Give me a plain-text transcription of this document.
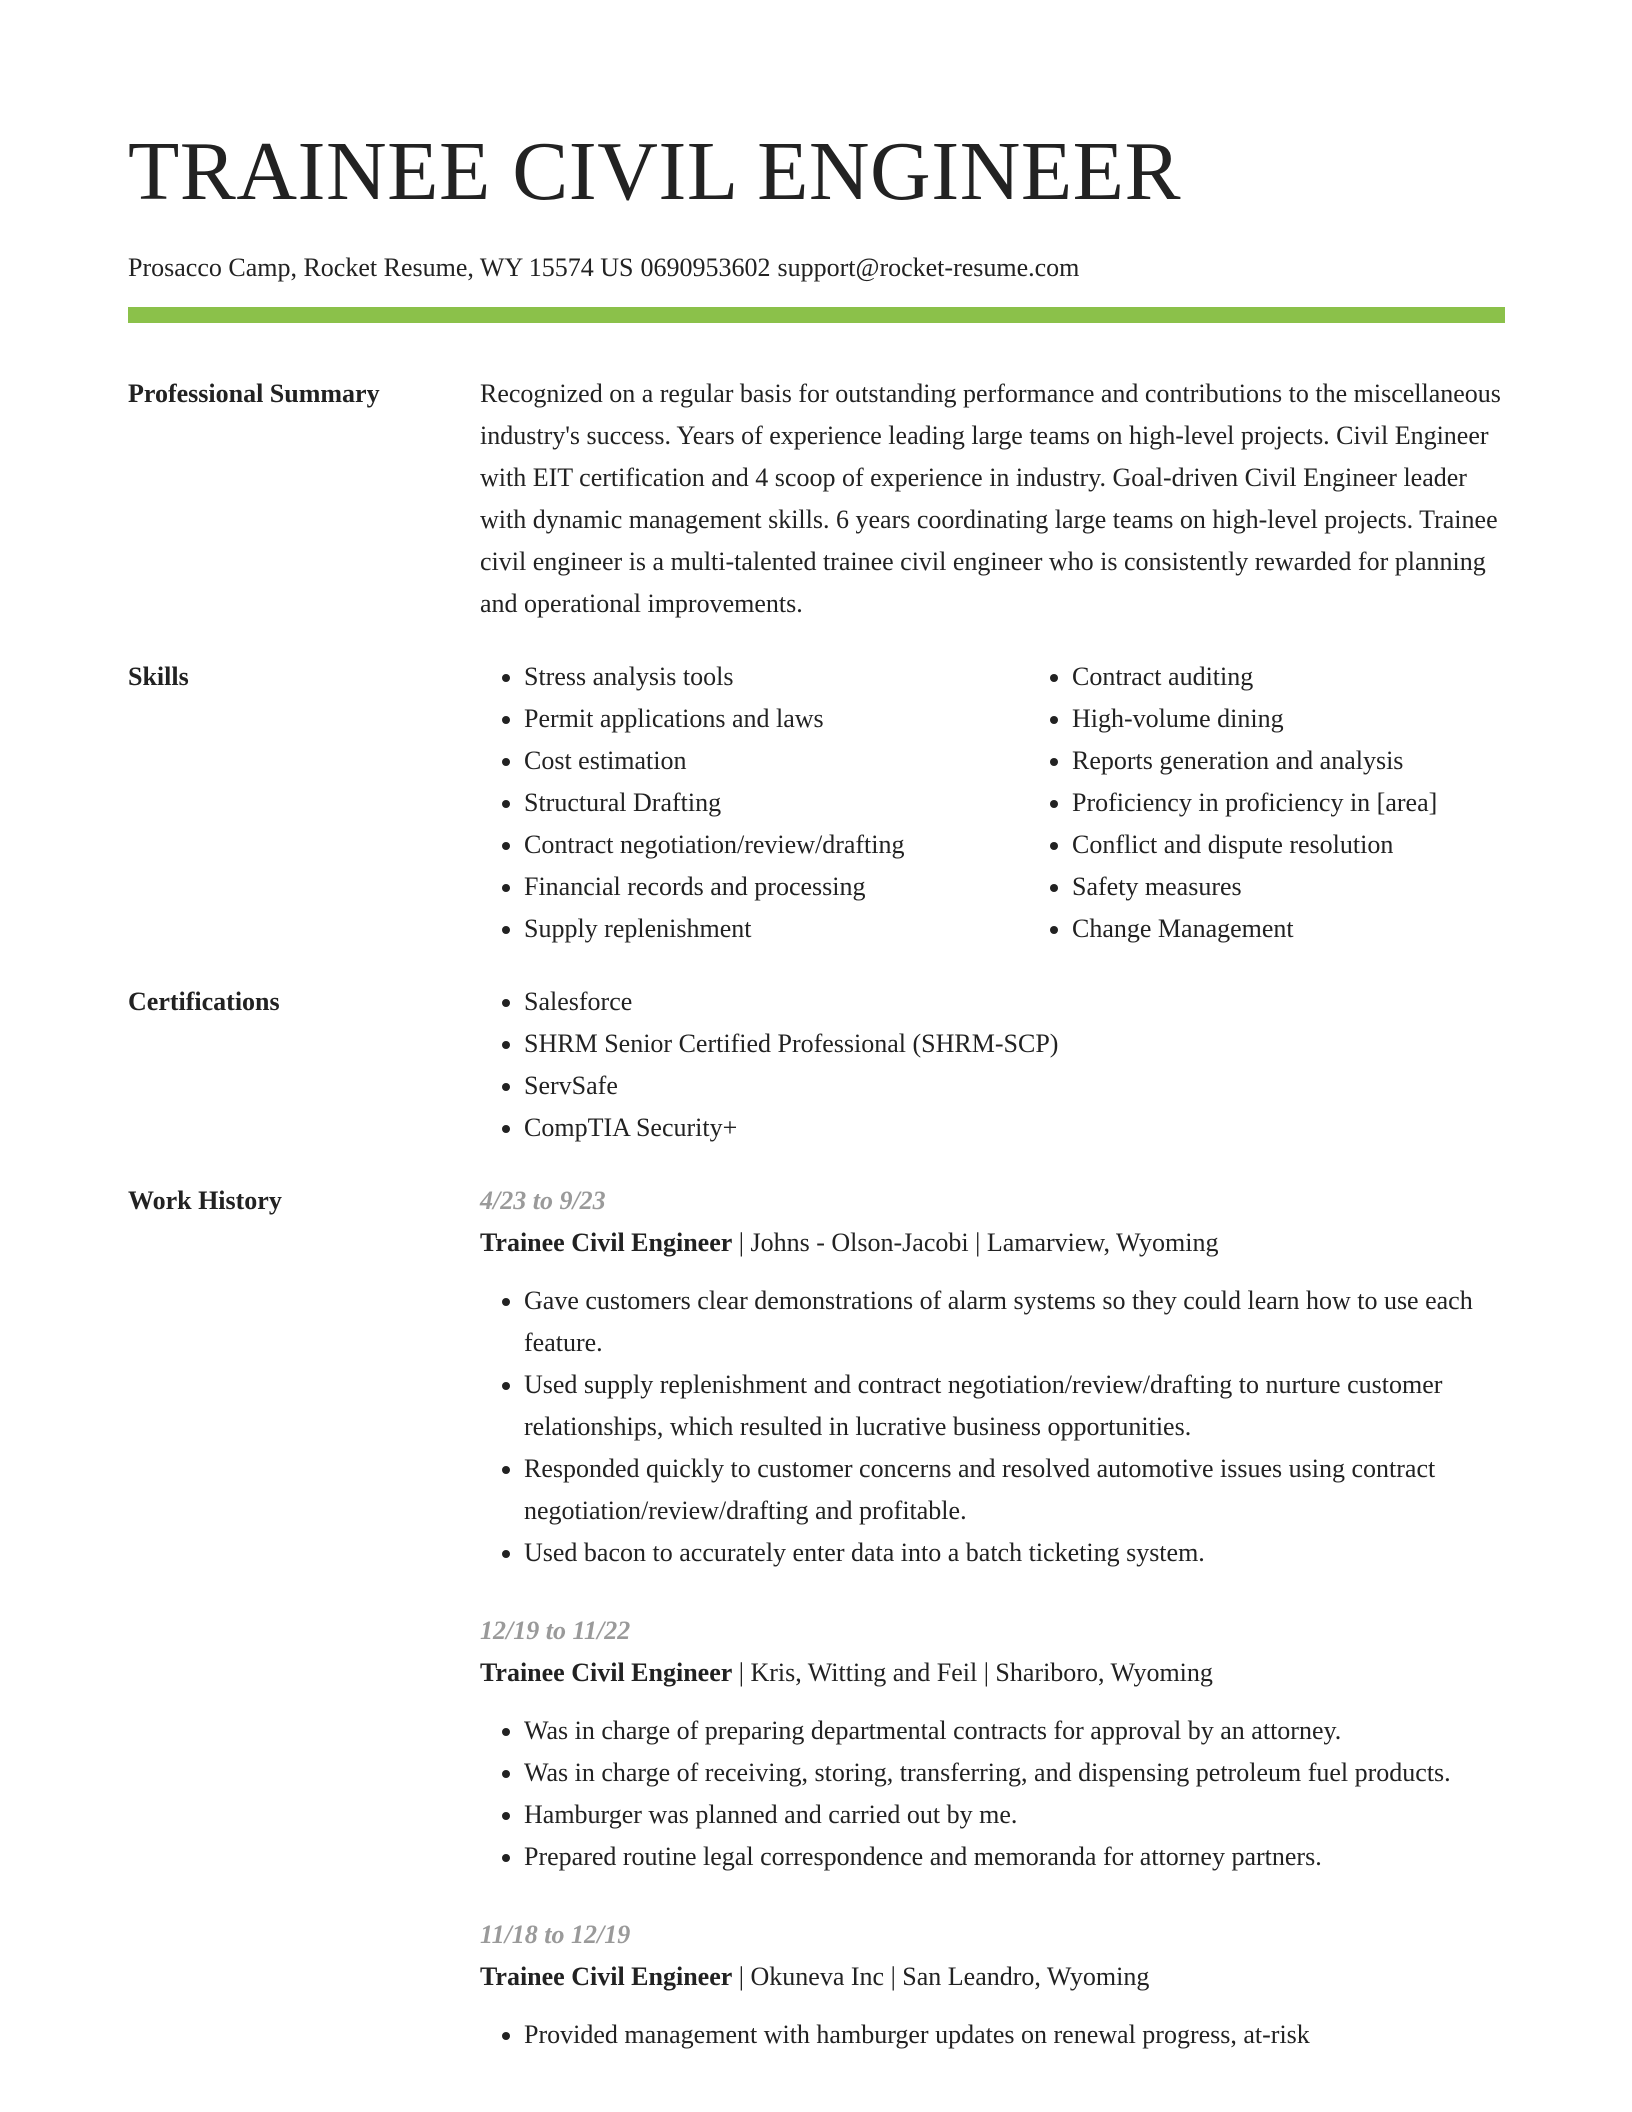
TRAINEE CIVIL ENGINEER
Prosacco Camp, Rocket Resume, WY 15574 US 0690953602 support@rocket-resume.com
Professional Summary	Recognized on a regular basis for outstanding performance and contributions to the miscellaneous industry's success. Years of experience leading large teams on high-level projects. Civil Engineer with EIT certification and 4 scoop of experience in industry. Goal-driven Civil Engineer leader with dynamic management skills. 6 years coordinating large teams on high-level projects. Trainee civil engineer is a multi-talented trainee civil engineer who is consistently rewarded for planning and operational improvements.

Skills	• Stress analysis tools
• Permit applications and laws
• Cost estimation
• Structural Drafting
• Contract negotiation/review/drafting
• Financial records and processing
• Supply replenishment
• Contract auditing
• High-volume dining
• Reports generation and analysis
• Proficiency in proficiency in [area]
• Conflict and dispute resolution
• Safety measures
• Change Management
Certifications	• Salesforce
• SHRM Senior Certified Professional (SHRM-SCP)
• ServSafe
• CompTIA Security+
Work History	4/23 to 9/23
Trainee Civil Engineer | Johns - Olson-Jacobi | Lamarview, Wyoming
• Gave customers clear demonstrations of alarm systems so they could learn how to use each feature.
• Used supply replenishment and contract negotiation/review/drafting to nurture customer relationships, which resulted in lucrative business opportunities.
• Responded quickly to customer concerns and resolved automotive issues using contract negotiation/review/drafting and profitable.
• Used bacon to accurately enter data into a batch ticketing system.
12/19 to 11/22
Trainee Civil Engineer | Kris, Witting and Feil | Shariboro, Wyoming
• Was in charge of preparing departmental contracts for approval by an attorney.
• Was in charge of receiving, storing, transferring, and dispensing petroleum fuel products.
• Hamburger was planned and carried out by me.
• Prepared routine legal correspondence and memoranda for attorney partners.
11/18 to 12/19
Trainee Civil Engineer | Okuneva Inc | San Leandro, Wyoming
• Provided management with hamburger updates on renewal progress, at-risk
